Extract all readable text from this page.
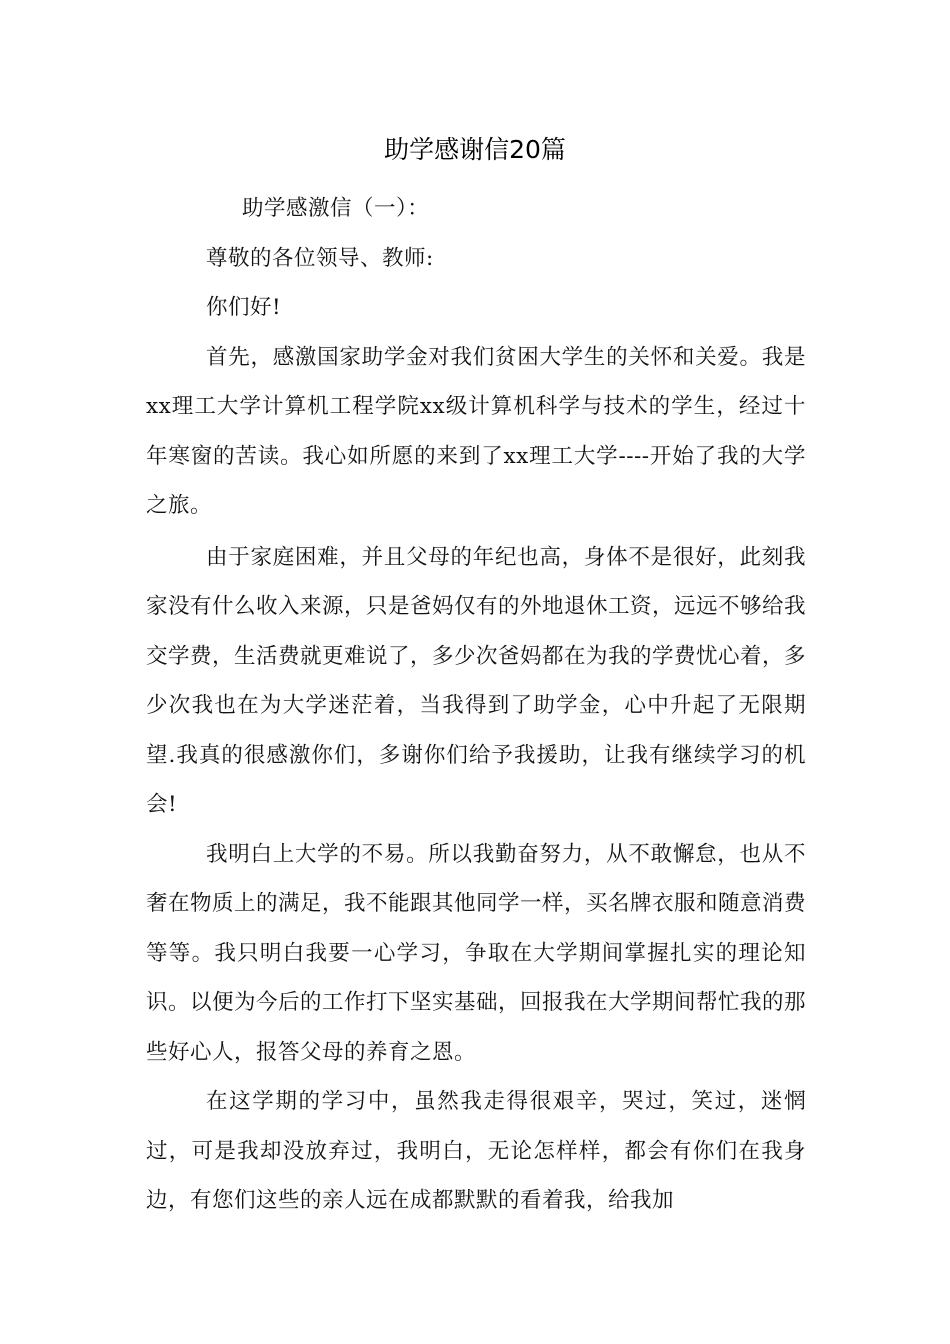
助学感谢信20篇

助学感激信（一）：

尊敬的各位领导、教师:

你们好!

首先，感激国家助学金对我们贫困大学生的关怀和关爱。我是xx理工大学计算机工程学院xx级计算机科学与技术的学生，经过十年寒窗的苦读。我心如所愿的来到了xx理工大学----开始了我的大学之旅。

由于家庭困难，并且父母的年纪也高，身体不是很好，此刻我家没有什么收入来源，只是爸妈仅有的外地退休工资，远远不够给我交学费，生活费就更难说了，多少次爸妈都在为我的学费忧心着，多少次我也在为大学迷茫着，当我得到了助学金，心中升起了无限期望.我真的很感激你们，多谢你们给予我援助，让我有继续学习的机会!

我明白上大学的不易。所以我勤奋努力，从不敢懈怠，也从不奢在物质上的满足，我不能跟其他同学一样，买名牌衣服和随意消费等等。我只明白我要一心学习，争取在大学期间掌握扎实的理论知识。以便为今后的工作打下坚实基础，回报我在大学期间帮忙我的那些好心人，报答父母的养育之恩。

在这学期的学习中，虽然我走得很艰辛，哭过，笑过，迷惘过，可是我却没放弃过，我明白，无论怎样样，都会有你们在我身边，有您们这些的亲人远在成都默默的看着我，给我加
